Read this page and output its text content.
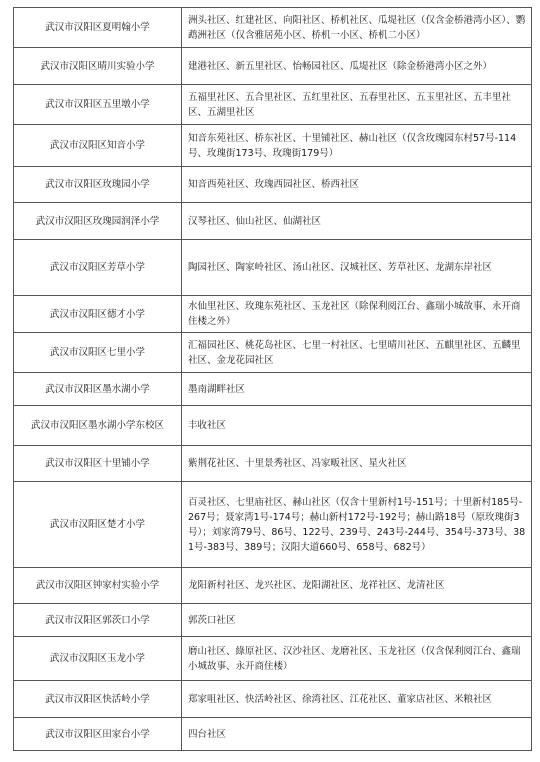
武汉市汉阳区夏明翰小学	洲头社区、红建社区、向阳社区、桥机社区、瓜堤社区（仅含金桥港湾小区）、鹦鹉洲社区（仅含雅居苑小区、桥机一小区、桥机二小区）
武汉市汉阳区晴川实验小学	建港社区、新五里社区、怡畅园社区、瓜堤社区（除金桥港湾小区之外）
武汉市汉阳区五里墩小学	五福里社区、五合里社区、五红里社区、五春里社区、五玉里社区、五丰里社区、五湖里社区
武汉市汉阳区知音小学	知音东苑社区、桥东社区、十里铺社区、赫山社区（仅含玫瑰园东村57号-114号、玫瑰街173号、玫瑰街179号）
武汉市汉阳区玫瑰园小学	知音西苑社区、玫瑰西园社区、桥西社区
武汉市汉阳区玫瑰园润泽小学	汉琴社区、仙山社区、仙湖社区
武汉市汉阳区芳草小学	陶园社区、陶家岭社区、汤山社区、汉城社区、芳草社区、龙湖东岸社区
武汉市汉阳区德才小学	水仙里社区、玫瑰东苑社区、玉龙社区（除保利阅江台、鑫瑞小城故事、永开商住楼之外）
武汉市汉阳区七里小学	汇福园社区、桃花岛社区、七里一村社区、七里晴川社区、五麒里社区、五麟里社区、金龙花园社区
武汉市汉阳区墨水湖小学	墨南湖畔社区
武汉市汉阳区墨水湖小学东校区	丰收社区
武汉市汉阳区十里铺小学	紫荆花社区、十里景秀社区、冯家畈社区、星火社区
武汉市汉阳区楚才小学	百灵社区、七里庙社区、赫山社区（仅含十里新村1号-151号；十里新村185号-267号；聂家湾1号-174号；赫山新村172号-192号；赫山路18号（原玫瑰街3号）；刘家湾79号、86号、122号、239号、243号-244号、354号-373号、381号-383号、389号；汉阳大道660号、658号、682号）
武汉市汉阳区钟家村实验小学	龙阳新村社区、龙兴社区、龙阳湖社区、龙祥社区、龙清社区
武汉市汉阳区郭茨口小学	郭茨口社区
武汉市汉阳区玉龙小学	磨山社区、綠原社区、汉沙社区、龙磨社区、玉龙社区（仅含保利阅江台、鑫瑞小城故事、永开商住楼）
武汉市汉阳区快活岭小学	郑家咀社区、快活岭社区、徐湾社区、江花社区、董家店社区、米粮社区
武汉市汉阳区田家台小学	四台社区
